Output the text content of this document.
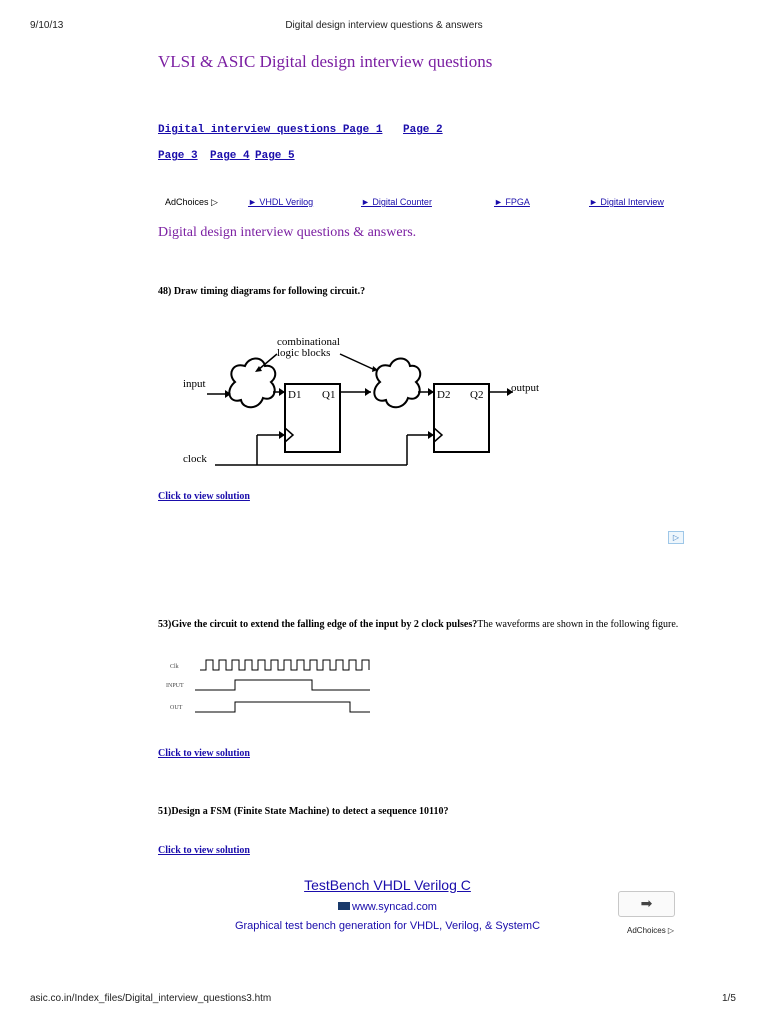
9/10/13	Digital design interview questions & answers
VLSI & ASIC Digital design interview questions
Digital interview questions Page 1 Page 2
Page 3 Page 4 Page 5
AdChoices ▷	► VHDL Verilog	► Digital Counter	► FPGA	► Digital Interview
Digital design interview questions & answers.
48) Draw timing diagrams for following circuit.?
combinational
logic blocks
input
clock
output
D1 Q1	D2 Q2
Click to view solution
▷
53)Give the circuit to extend the falling edge of the input by 2 clock pulses?The waveforms are shown in the following figure.
Clk
INPUT
OUT
Click to view solution
51)Design a FSM (Finite State Machine) to detect a sequence 10110?
Click to view solution
TestBench VHDL Verilog C
www.syncad.com
Graphical test bench generation for VHDL, Verilog, & SystemC
➡
AdChoices ▷
asic.co.in/Index_files/Digital_interview_questions3.htm	1/5
